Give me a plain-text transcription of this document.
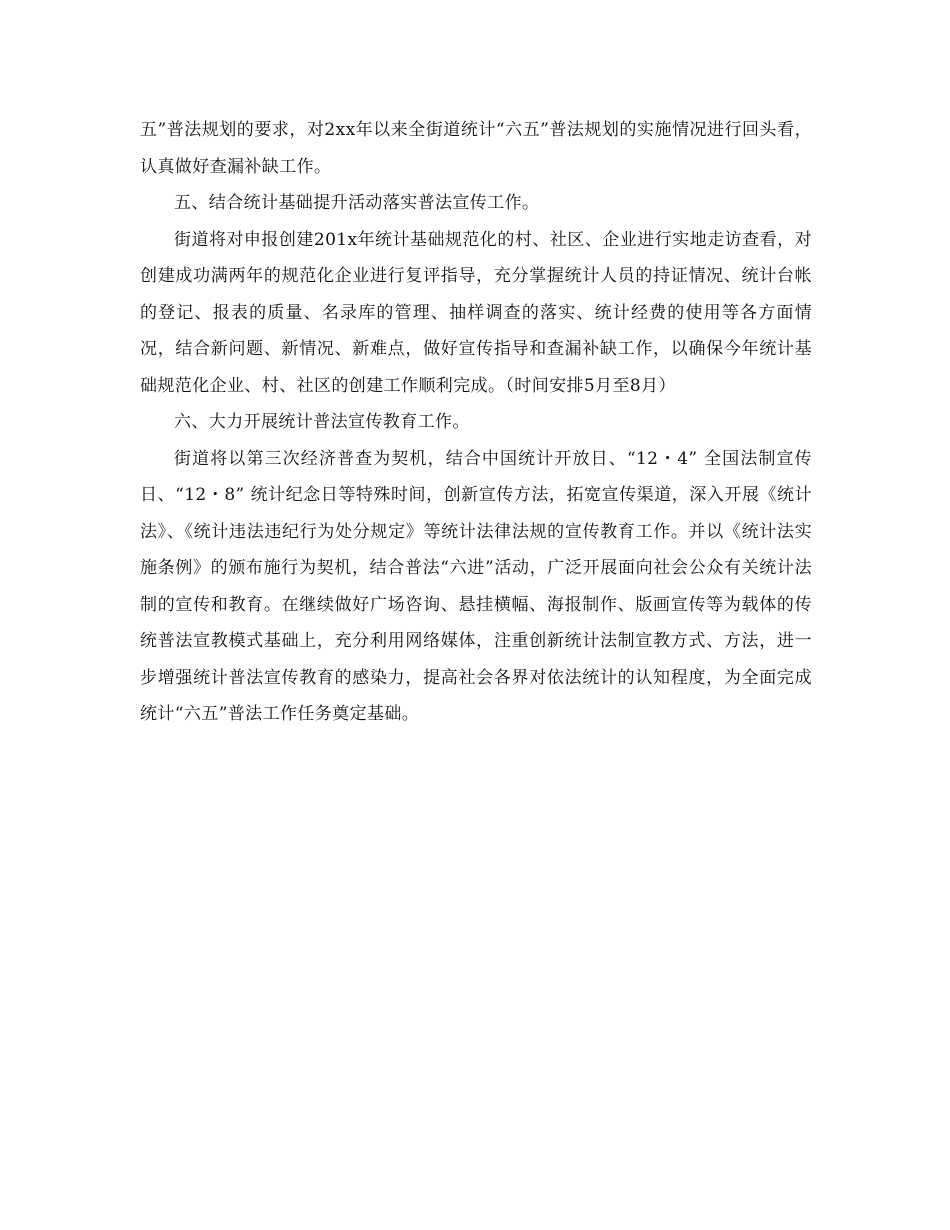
五”普法规划的要求，对2xx年以来全街道统计“六五”普法规划的实施情况进行回头看，认真做好查漏补缺工作。

五、结合统计基础提升活动落实普法宣传工作。

街道将对申报创建201x年统计基础规范化的村、社区、企业进行实地走访查看，对创建成功满两年的规范化企业进行复评指导，充分掌握统计人员的持证情况、统计台帐的登记、报表的质量、名录库的管理、抽样调查的落实、统计经费的使用等各方面情况，结合新问题、新情况、新难点，做好宣传指导和查漏补缺工作，以确保今年统计基础规范化企业、村、社区的创建工作顺利完成。（时间安排5月至8月）

六、大力开展统计普法宣传教育工作。

街道将以第三次经济普查为契机，结合中国统计开放日、“12・4” 全国法制宣传日、“12・8” 统计纪念日等特殊时间，创新宣传方法，拓宽宣传渠道，深入开展《统计法》、《统计违法违纪行为处分规定》等统计法律法规的宣传教育工作。并以《统计法实施条例》的颁布施行为契机，结合普法“六进”活动，广泛开展面向社会公众有关统计法制的宣传和教育。在继续做好广场咨询、悬挂横幅、海报制作、版画宣传等为载体的传统普法宣教模式基础上，充分利用网络媒体，注重创新统计法制宣教方式、方法，进一步增强统计普法宣传教育的感染力，提高社会各界对依法统计的认知程度，为全面完成统计“六五”普法工作任务奠定基础。
